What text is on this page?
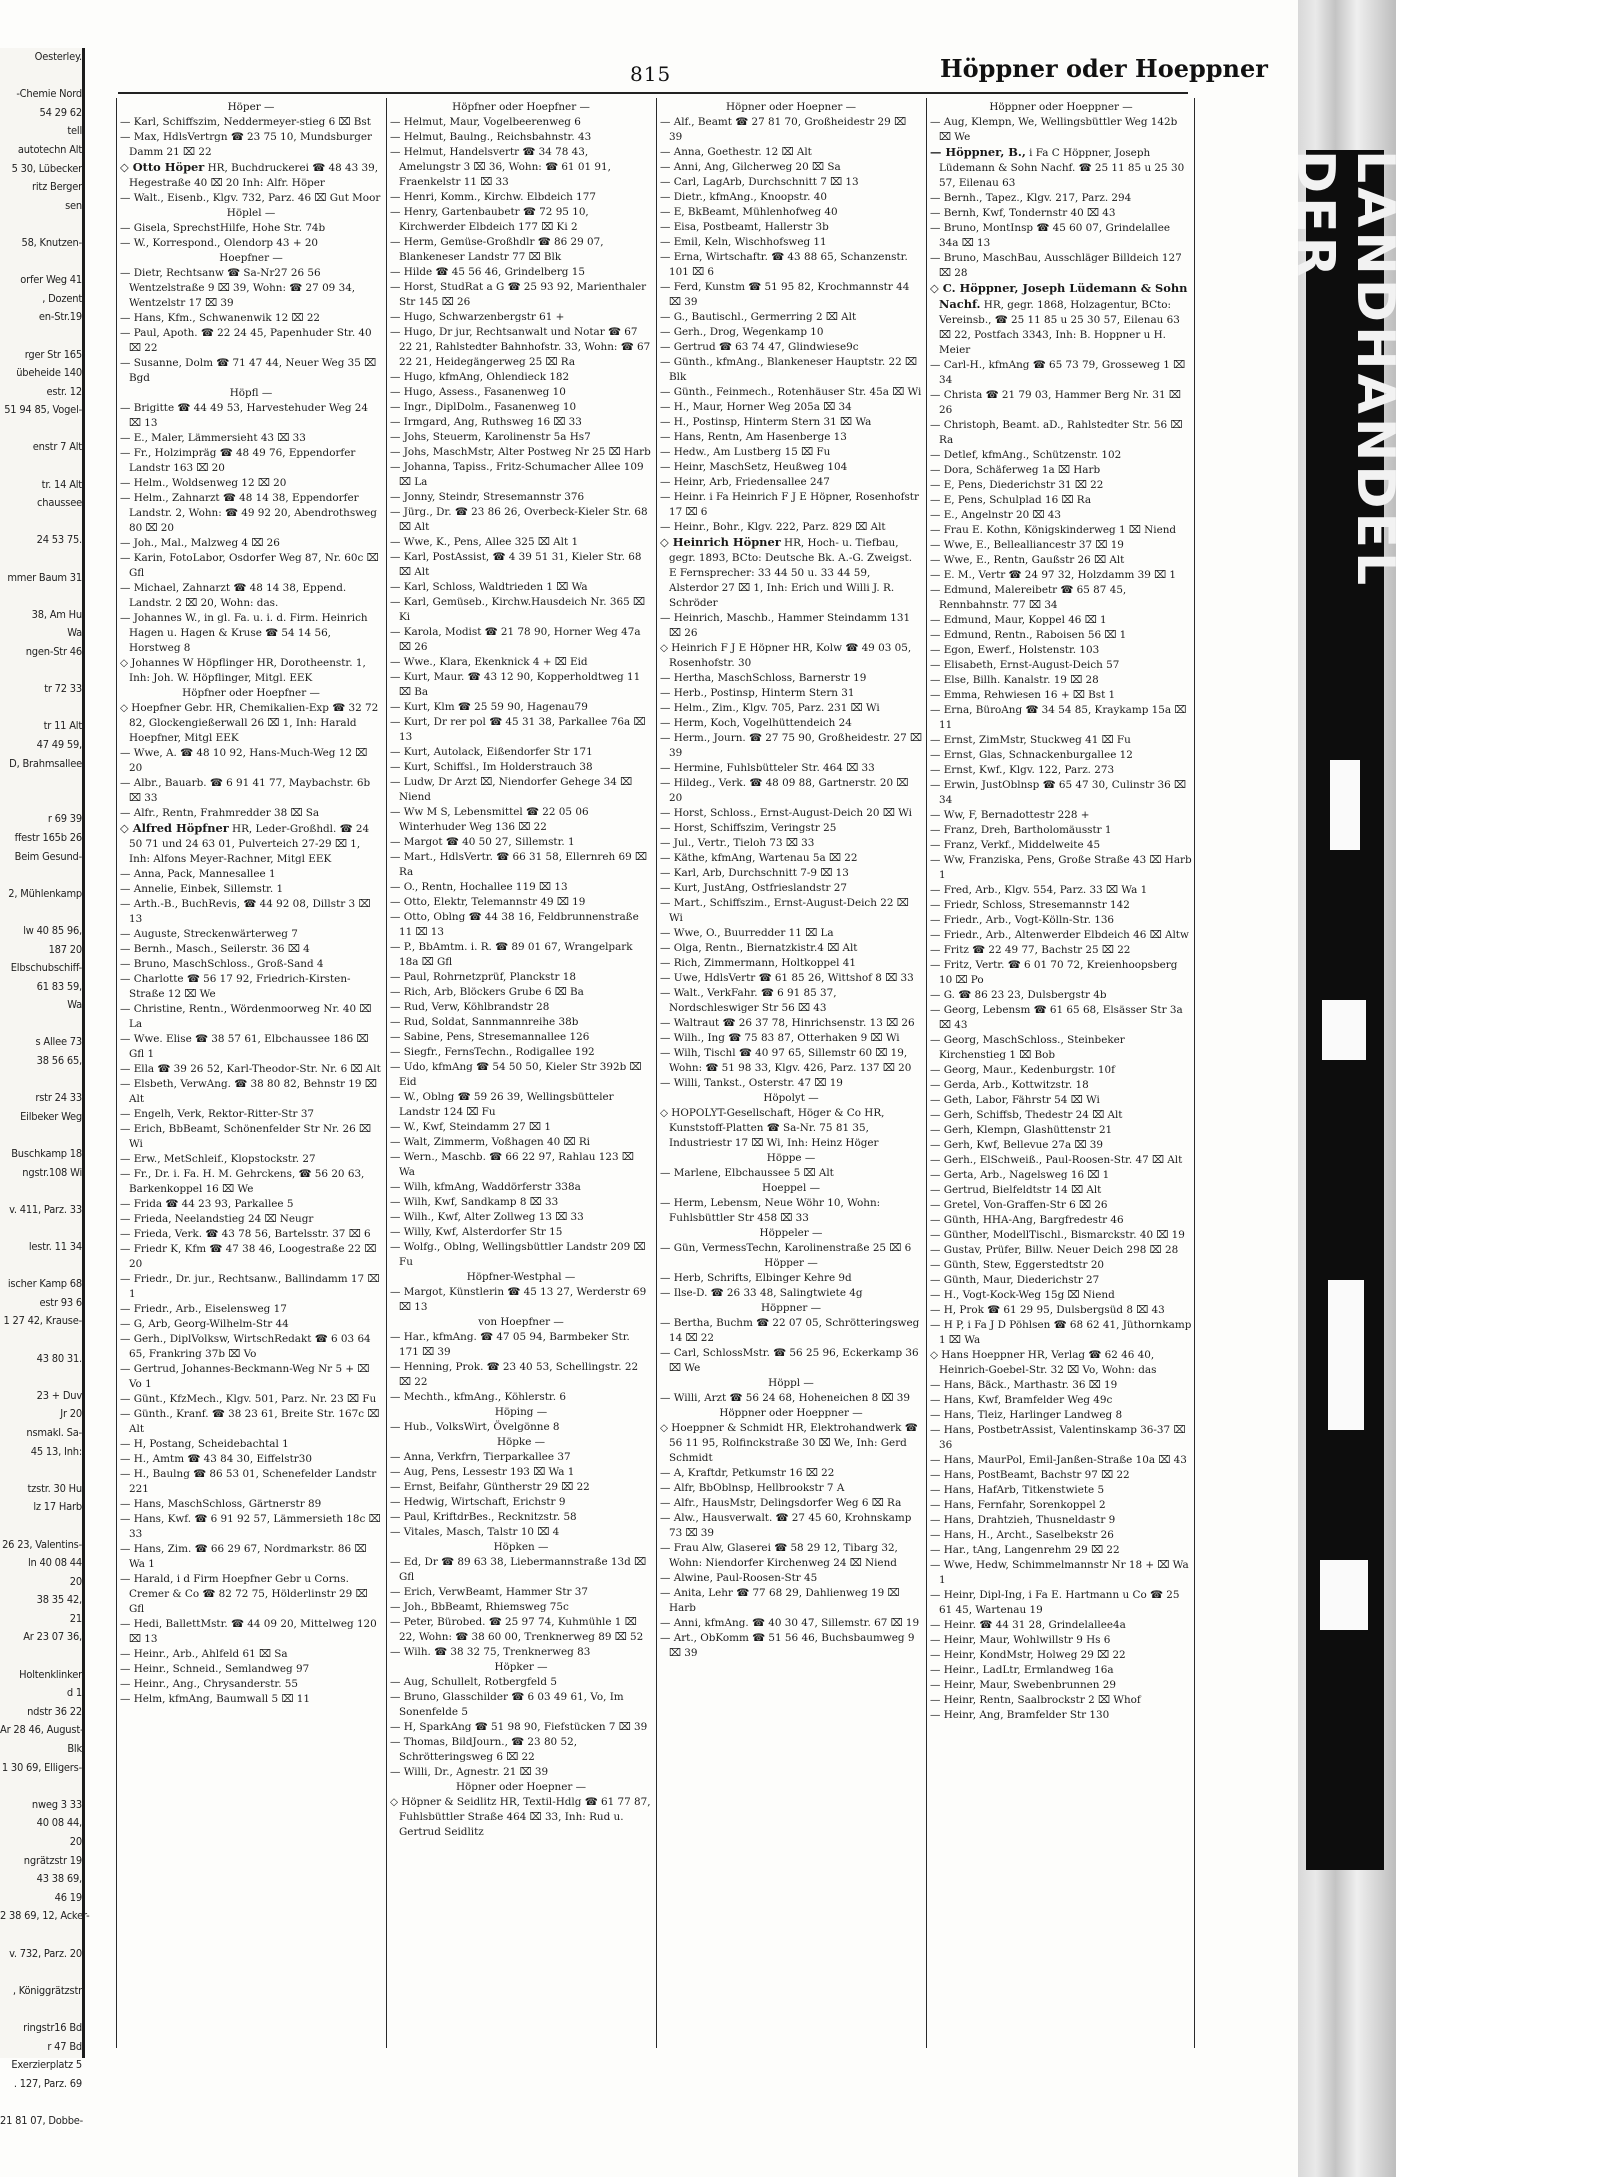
Oesterley.

-Chemie Nord
54 29 62
tell
autotechn Alt
5 30, Lübecker
ritz Berger
sen

58, Knutzen-

orfer Weg 41
, Dozent
en-Str.19

rger Str 165
übeheide 140
estr. 12
51 94 85, Vogel-

enstr 7 Alt

tr. 14 Alt
chaussee

24 53 75.

mmer Baum 31

38, Am Hu
Wa
ngen-Str 46

tr 72 33

tr 11 Alt
47 49 59,
D, Brahmsallee

r 69 39
ffestr 165b 26
Beim Gesund-

2, Mühlenkamp

lw 40 85 96,
187 20
Elbschubschiff-
61 83 59,
Wa

s Allee 73
38 56 65,

rstr 24 33
Eilbeker Weg

Buschkamp 18
ngstr.108 Wi

v. 411, Parz. 33

lestr. 11 34

ischer Kamp 68
estr 93 6
1 27 42, Krause-

43 80 31.

23 + Duv
Jr 20
nsmakl. Sa-
45 13, Inh:

tzstr. 30 Hu
lz 17 Harb

26 23, Valentins-
ln 40 08 44
20
38 35 42,
21
Ar 23 07 36,

Holtenklinker
d 1
ndstr 36 22
Ar 28 46, August-
Blk
1 30 69, Elligers-

nweg 3 33
40 08 44,
20
ngrätzstr 19
43 38 69,
46 19
2 38 69, 12, Acker-

v. 732, Parz. 20

, Königgrätzstr

ringstr16 Bd
r 47 Bd
Exerzierplatz 5
. 127, Parz. 69

21 81 07, Dobbe-
815	Höppner oder Hoeppner
Höper —
— Karl, Schiffszim, Neddermeyer-stieg 6 ⌧ Bst
— Max, HdlsVertrgn ☎ 23 75 10, Mundsburger Damm 21 ⌧ 22
◇ Otto Höper HR, Buchdruckerei ☎ 48 43 39, Hegestraße 40 ⌧ 20 Inh: Alfr. Höper
— Walt., Eisenb., Klgv. 732, Parz. 46 ⌧ Gut Moor
Höplel —
— Gisela, SprechstHilfe, Hohe Str. 74b
— W., Korrespond., Olendorp 43 + 20
Hoepfner —
— Dietr, Rechtsanw ☎ Sa-Nr27 26 56 Wentzelstraße 9 ⌧ 39, Wohn: ☎ 27 09 34, Wentzelstr 17 ⌧ 39
— Hans, Kfm., Schwanenwik 12 ⌧ 22
— Paul, Apoth. ☎ 22 24 45, Papenhuder Str. 40 ⌧ 22
— Susanne, Dolm ☎ 71 47 44, Neuer Weg 35 ⌧ Bgd
Höpfl —
— Brigitte ☎ 44 49 53, Harvestehuder Weg 24 ⌧ 13
— E., Maler, Lämmersieht 43 ⌧ 33
— Fr., Holzimpräg ☎ 48 49 76, Eppendorfer Landstr 163 ⌧ 20
— Helm., Woldsenweg 12 ⌧ 20
— Helm., Zahnarzt ☎ 48 14 38, Eppendorfer Landstr. 2, Wohn: ☎ 49 92 20, Abendrothsweg 80 ⌧ 20
— Joh., Mal., Malzweg 4 ⌧ 26
— Karin, FotoLabor, Osdorfer Weg 87, Nr. 60c ⌧ Gfl
— Michael, Zahnarzt ☎ 48 14 38, Eppend. Landstr. 2 ⌧ 20, Wohn: das.
— Johannes W., in gl. Fa. u. i. d. Firm. Heinrich Hagen u. Hagen & Kruse ☎ 54 14 56, Horstweg 8
◇ Johannes W Höpflinger HR, Dorotheenstr. 1, Inh: Joh. W. Höpflinger, Mitgl. EEK
Höpfner oder Hoepfner —
◇ Hoepfner Gebr. HR, Chemikalien-Exp ☎ 32 72 82, Glockengießerwall 26 ⌧ 1, Inh: Harald Hoepfner, Mitgl EEK
— Wwe, A. ☎ 48 10 92, Hans-Much-Weg 12 ⌧ 20
— Albr., Bauarb. ☎ 6 91 41 77, Maybachstr. 6b ⌧ 33
— Alfr., Rentn, Frahmredder 38 ⌧ Sa
◇ Alfred Höpfner HR, Leder-Großhdl. ☎ 24 50 71 und 24 63 01, Pulverteich 27-29 ⌧ 1, Inh: Alfons Meyer-Rachner, Mitgl EEK
— Anna, Pack, Mannesallee 1
— Annelie, Einbek, Sillemstr. 1
— Arth.-B., BuchRevis, ☎ 44 92 08, Dillstr 3 ⌧ 13
— Auguste, Streckenwärterweg 7
— Bernh., Masch., Seilerstr. 36 ⌧ 4
— Bruno, MaschSchloss., Groß-Sand 4
— Charlotte ☎ 56 17 92, Friedrich-Kirsten-Straße 12 ⌧ We
— Christine, Rentn., Wördenmoorweg Nr. 40 ⌧ La
— Wwe. Elise ☎ 38 57 61, Elbchaussee 186 ⌧ Gfl 1
— Ella ☎ 39 26 52, Karl-Theodor-Str. Nr. 6 ⌧ Alt
— Elsbeth, VerwAng. ☎ 38 80 82, Behnstr 19 ⌧ Alt
— Engelh, Verk, Rektor-Ritter-Str 37
— Erich, BbBeamt, Schönenfelder Str Nr. 26 ⌧ Wi
— Erw., MetSchleif., Klopstockstr. 27
— Fr., Dr. i. Fa. H. M. Gehrckens, ☎ 56 20 63, Barkenkoppel 16 ⌧ We
— Frida ☎ 44 23 93, Parkallee 5
— Frieda, Neelandstieg 24 ⌧ Neugr
— Frieda, Verk. ☎ 43 78 56, Bartelsstr. 37 ⌧ 6
— Friedr K, Kfm ☎ 47 38 46, Loogestraße 22 ⌧ 20
— Friedr., Dr. jur., Rechtsanw., Ballindamm 17 ⌧ 1
— Friedr., Arb., Eiselensweg 17
— G, Arb, Georg-Wilhelm-Str 44
— Gerh., DiplVolksw, WirtschRedakt ☎ 6 03 64 65, Frankring 37b ⌧ Vo
— Gertrud, Johannes-Beckmann-Weg Nr 5 + ⌧ Vo 1
— Günt., KfzMech., Klgv. 501, Parz. Nr. 23 ⌧ Fu
— Günth., Kranf. ☎ 38 23 61, Breite Str. 167c ⌧ Alt
— H, Postang, Scheidebachtal 1
— H., Amtm ☎ 43 84 30, Eiffelstr30
— H., Baulng ☎ 86 53 01, Schenefelder Landstr 221
— Hans, MaschSchloss, Gärtnerstr 89
— Hans, Kwf. ☎ 6 91 92 57, Lämmersieth 18c ⌧ 33
— Hans, Zim. ☎ 66 29 67, Nordmarkstr. 86 ⌧ Wa 1
— Harald, i d Firm Hoepfner Gebr u Corns. Cremer & Co ☎ 82 72 75, Hölderlinstr 29 ⌧ Gfl
— Hedi, BallettMstr. ☎ 44 09 20, Mittelweg 120 ⌧ 13
— Heinr., Arb., Ahlfeld 61 ⌧ Sa
— Heinr., Schneid., Semlandweg 97
— Heinr., Ang., Chrysanderstr. 55
— Helm, kfmAng, Baumwall 5 ⌧ 11
Höpfner oder Hoepfner —
— Helmut, Maur, Vogelbeerenweg 6
— Helmut, Baulng., Reichsbahnstr. 43
— Helmut, Handelsvertr ☎ 34 78 43, Amelungstr 3 ⌧ 36, Wohn: ☎ 61 01 91, Fraenkelstr 11 ⌧ 33
— Henri, Komm., Kirchw. Elbdeich 177
— Henry, Gartenbaubetr ☎ 72 95 10, Kirchwerder Elbdeich 177 ⌧ Ki 2
— Herm, Gemüse-Großhdlr ☎ 86 29 07, Blankeneser Landstr 77 ⌧ Blk
— Hilde ☎ 45 56 46, Grindelberg 15
— Horst, StudRat a G ☎ 25 93 92, Marienthaler Str 145 ⌧ 26
— Hugo, Schwarzenbergstr 61 +
— Hugo, Dr jur, Rechtsanwalt und Notar ☎ 67 22 21, Rahlstedter Bahnhofstr. 33, Wohn: ☎ 67 22 21, Heidegängerweg 25 ⌧ Ra
— Hugo, kfmAng, Ohlendieck 182
— Hugo, Assess., Fasanenweg 10
— Ingr., DiplDolm., Fasanenweg 10
— Irmgard, Ang, Ruthsweg 16 ⌧ 33
— Johs, Steuerm, Karolinenstr 5a Hs7
— Johs, MaschMstr, Alter Postweg Nr 25 ⌧ Harb
— Johanna, Tapiss., Fritz-Schumacher Allee 109 ⌧ La
— Jonny, Steindr, Stresemannstr 376
— Jürg., Dr. ☎ 23 86 26, Overbeck-Kieler Str. 68 ⌧ Alt
— Wwe, K., Pens, Allee 325 ⌧ Alt 1
— Karl, PostAssist, ☎ 4 39 51 31, Kieler Str. 68 ⌧ Alt
— Karl, Schloss, Waldtrieden 1 ⌧ Wa
— Karl, Gemüseb., Kirchw.Hausdeich Nr. 365 ⌧ Ki
— Karola, Modist ☎ 21 78 90, Horner Weg 47a ⌧ 26
— Wwe., Klara, Ekenknick 4 + ⌧ Eid
— Kurt, Maur. ☎ 43 12 90, Kopperholdtweg 11 ⌧ Ba
— Kurt, Klm ☎ 25 59 90, Hagenau79
— Kurt, Dr rer pol ☎ 45 31 38, Parkallee 76a ⌧ 13
— Kurt, Autolack, Eißendorfer Str 171
— Kurt, Schiffsl., Im Holderstrauch 38
— Ludw, Dr Arzt ⌧, Niendorfer Gehege 34 ⌧ Niend
— Ww M S, Lebensmittel ☎ 22 05 06 Winterhuder Weg 136 ⌧ 22
— Margot ☎ 40 50 27, Sillemstr. 1
— Mart., HdlsVertr. ☎ 66 31 58, Ellernreh 69 ⌧ Ra
— O., Rentn, Hochallee 119 ⌧ 13
— Otto, Elektr, Telemannstr 49 ⌧ 19
— Otto, Oblng ☎ 44 38 16, Feldbrunnenstraße 11 ⌧ 13
— P., BbAmtm. i. R. ☎ 89 01 67, Wrangelpark 18a ⌧ Gfl
— Paul, Rohrnetzprüf, Planckstr 18
— Rich, Arb, Blöckers Grube 6 ⌧ Ba
— Rud, Verw, Köhlbrandstr 28
— Rud, Soldat, Sannmannreihe 38b
— Sabine, Pens, Stresemannallee 126
— Siegfr., FernsTechn., Rodigallee 192
— Udo, kfmAng ☎ 54 50 50, Kieler Str 392b ⌧ Eid
— W., Oblng ☎ 59 26 39, Wellingsbütteler Landstr 124 ⌧ Fu
— W., Kwf, Steindamm 27 ⌧ 1
— Walt, Zimmerm, Voßhagen 40 ⌧ Ri
— Wern., Maschb. ☎ 66 22 97, Rahlau 123 ⌧ Wa
— Wilh, kfmAng, Waddörferstr 338a
— Wilh, Kwf, Sandkamp 8 ⌧ 33
— Wilh., Kwf, Alter Zollweg 13 ⌧ 33
— Willy, Kwf, Alsterdorfer Str 15
— Wolfg., Oblng, Wellingsbüttler Landstr 209 ⌧ Fu
Höpfner-Westphal —
— Margot, Künstlerin ☎ 45 13 27, Werderstr 69 ⌧ 13
von Hoepfner —
— Har., kfmAng. ☎ 47 05 94, Barmbeker Str. 171 ⌧ 39
— Henning, Prok. ☎ 23 40 53, Schellingstr. 22 ⌧ 22
— Mechth., kfmAng., Köhlerstr. 6
Höping —
— Hub., VolksWirt, Övelgönne 8
Höpke —
— Anna, Verkfrn, Tierparkallee 37
— Aug, Pens, Lessestr 193 ⌧ Wa 1
— Ernst, Beifahr, Güntherstr 29 ⌧ 22
— Hedwig, Wirtschaft, Erichstr 9
— Paul, KriftdrBes., Recknitzstr. 58
— Vitales, Masch, Talstr 10 ⌧ 4
Höpken —
— Ed, Dr ☎ 89 63 38, Liebermannstraße 13d ⌧ Gfl
— Erich, VerwBeamt, Hammer Str 37
— Joh., BbBeamt, Rhiemsweg 75c
— Peter, Bürobed. ☎ 25 97 74, Kuhmühle 1 ⌧ 22, Wohn: ☎ 38 60 00, Trenknerweg 89 ⌧ 52
— Wilh. ☎ 38 32 75, Trenknerweg 83
Höpker —
— Aug, Schullelt, Rotbergfeld 5
— Bruno, Glasschilder ☎ 6 03 49 61, Vo, Im Sonenfelde 5
— H, SparkAng ☎ 51 98 90, Fiefstücken 7 ⌧ 39
— Thomas, BildJourn., ☎ 23 80 52, Schrötteringsweg 6 ⌧ 22
— Willi, Dr., Agnestr. 21 ⌧ 39
Höpner oder Hoepner —
◇ Höpner & Seidlitz HR, Textil-Hdlg ☎ 61 77 87, Fuhlsbüttler Straße 464 ⌧ 33, Inh: Rud u. Gertrud Seidlitz
Höpner oder Hoepner —
— Alf., Beamt ☎ 27 81 70, Großheidestr 29 ⌧ 39
— Anna, Goethestr. 12 ⌧ Alt
— Anni, Ang, Gilcherweg 20 ⌧ Sa
— Carl, LagArb, Durchschnitt 7 ⌧ 13
— Dietr., kfmAng., Knoopstr. 40
— E, BkBeamt, Mühlenhofweg 40
— Eisa, Postbeamt, Hallerstr 3b
— Emil, Keln, Wischhofsweg 11
— Erna, Wirtschaftr. ☎ 43 88 65, Schanzenstr. 101 ⌧ 6
— Ferd, Kunstm ☎ 51 95 82, Krochmannstr 44 ⌧ 39
— G., Bautischl., Germerring 2 ⌧ Alt
— Gerh., Drog, Wegenkamp 10
— Gertrud ☎ 63 74 47, Glindwiese9c
— Günth., kfmAng., Blankeneser Hauptstr. 22 ⌧ Blk
— Günth., Feinmech., Rotenhäuser Str. 45a ⌧ Wi
— H., Maur, Horner Weg 205a ⌧ 34
— H., Postinsp, Hinterm Stern 31 ⌧ Wa
— Hans, Rentn, Am Hasenberge 13
— Hedw., Am Lustberg 15 ⌧ Fu
— Heinr, MaschSetz, Heußweg 104
— Heinr, Arb, Friedensallee 247
— Heinr. i Fa Heinrich F J E Höpner, Rosenhofstr 17 ⌧ 6
— Heinr., Bohr., Klgv. 222, Parz. 829 ⌧ Alt
◇ Heinrich Höpner HR, Hoch- u. Tiefbau, gegr. 1893, BCto: Deutsche Bk. A.-G. Zweigst. E Fernsprecher: 33 44 50 u. 33 44 59, Alsterdor 27 ⌧ 1, Inh: Erich und Willi J. R. Schröder
— Heinrich, Maschb., Hammer Steindamm 131 ⌧ 26
◇ Heinrich F J E Höpner HR, Kolw ☎ 49 03 05, Rosenhofstr. 30
— Hertha, MaschSchloss, Barnerstr 19
— Herb., Postinsp, Hinterm Stern 31
— Helm., Zim., Klgv. 705, Parz. 231 ⌧ Wi
— Herm, Koch, Vogelhüttendeich 24
— Herm., Journ. ☎ 27 75 90, Großheidestr. 27 ⌧ 39
— Hermine, Fuhlsbütteler Str. 464 ⌧ 33
— Hildeg., Verk. ☎ 48 09 88, Gartnerstr. 20 ⌧ 20
— Horst, Schloss., Ernst-August-Deich 20 ⌧ Wi
— Horst, Schiffszim, Veringstr 25
— Jul., Vertr., Tieloh 73 ⌧ 33
— Käthe, kfmAng, Wartenau 5a ⌧ 22
— Karl, Arb, Durchschnitt 7-9 ⌧ 13
— Kurt, JustAng, Ostfrieslandstr 27
— Mart., Schiffszim., Ernst-August-Deich 22 ⌧ Wi
— Wwe, O., Buurredder 11 ⌧ La
— Olga, Rentn., Biernatzkistr.4 ⌧ Alt
— Rich, Zimmermann, Holtkoppel 41
— Uwe, HdlsVertr ☎ 61 85 26, Wittshof 8 ⌧ 33
— Walt., VerkFahr. ☎ 6 91 85 37, Nordschleswiger Str 56 ⌧ 43
— Waltraut ☎ 26 37 78, Hinrichsenstr. 13 ⌧ 26
— Wilh., Ing ☎ 75 83 87, Otterhaken 9 ⌧ Wi
— Wilh, Tischl ☎ 40 97 65, Sillemstr 60 ⌧ 19, Wohn: ☎ 51 98 33, Klgv. 426, Parz. 137 ⌧ 20
— Willi, Tankst., Osterstr. 47 ⌧ 19
Höpolyt —
◇ HOPOLYT-Gesellschaft, Höger & Co HR, Kunststoff-Platten ☎ Sa-Nr. 75 81 35, Industriestr 17 ⌧ Wi, Inh: Heinz Höger
Höppe —
— Marlene, Elbchaussee 5 ⌧ Alt
Hoeppel —
— Herm, Lebensm, Neue Wöhr 10, Wohn: Fuhlsbüttler Str 458 ⌧ 33
Höppeler —
— Gün, VermessTechn, Karolinenstraße 25 ⌧ 6
Höpper —
— Herb, Schrifts, Elbinger Kehre 9d
— Ilse-D. ☎ 26 33 48, Salingtwiete 4g
Höppner —
— Bertha, Buchm ☎ 22 07 05, Schrötteringsweg 14 ⌧ 22
— Carl, SchlossMstr. ☎ 56 25 96, Eckerkamp 36 ⌧ We
Höppl —
— Willi, Arzt ☎ 56 24 68, Hoheneichen 8 ⌧ 39
Höppner oder Hoeppner —
◇ Hoeppner & Schmidt HR, Elektrohandwerk ☎ 56 11 95, Rolfinckstraße 30 ⌧ We, Inh: Gerd Schmidt
— A, Kraftdr, Petkumstr 16 ⌧ 22
— Alfr, BbOblnsp, Hellbrookstr 7 A
— Alfr., HausMstr, Delingsdorfer Weg 6 ⌧ Ra
— Alw., Hausverwalt. ☎ 27 45 60, Krohnskamp 73 ⌧ 39
— Frau Alw, Glaserei ☎ 58 29 12, Tibarg 32, Wohn: Niendorfer Kirchenweg 24 ⌧ Niend
— Alwine, Paul-Roosen-Str 45
— Anita, Lehr ☎ 77 68 29, Dahlienweg 19 ⌧ Harb
— Anni, kfmAng. ☎ 40 30 47, Sillemstr. 67 ⌧ 19
— Art., ObKomm ☎ 51 56 46, Buchsbaumweg 9 ⌧ 39
Höppner oder Hoeppner —
— Aug, Klempn, We, Wellingsbüttler Weg 142b ⌧ We
— Höppner, B., i Fa C Höppner, Joseph Lüdemann & Sohn Nachf. ☎ 25 11 85 u 25 30 57, Eilenau 63
— Bernh., Tapez., Klgv. 217, Parz. 294
— Bernh, Kwf, Tondernstr 40 ⌧ 43
— Bruno, MontInsp ☎ 45 60 07, Grindelallee 34a ⌧ 13
— Bruno, MaschBau, Ausschläger Billdeich 127 ⌧ 28
◇ C. Höppner, Joseph Lüdemann & Sohn Nachf. HR, gegr. 1868, Holzagentur, BCto: Vereinsb., ☎ 25 11 85 u 25 30 57, Eilenau 63 ⌧ 22, Postfach 3343, Inh: B. Hoppner u H. Meier
— Carl-H., kfmAng ☎ 65 73 79, Grosseweg 1 ⌧ 34
— Christa ☎ 21 79 03, Hammer Berg Nr. 31 ⌧ 26
— Christoph, Beamt. aD., Rahlstedter Str. 56 ⌧ Ra
— Detlef, kfmAng., Schützenstr. 102
— Dora, Schäferweg 1a ⌧ Harb
— E, Pens, Diederichstr 31 ⌧ 22
— E, Pens, Schulplad 16 ⌧ Ra
— E., Angelnstr 20 ⌧ 43
— Frau E. Kothn, Königskinderweg 1 ⌧ Niend
— Wwe, E., Bellealliancestr 37 ⌧ 19
— Wwe, E., Rentn, Gaußstr 26 ⌧ Alt
— E. M., Vertr ☎ 24 97 32, Holzdamm 39 ⌧ 1
— Edmund, Malereibetr ☎ 65 87 45, Rennbahnstr. 77 ⌧ 34
— Edmund, Maur, Koppel 46 ⌧ 1
— Edmund, Rentn., Raboisen 56 ⌧ 1
— Egon, Ewerf., Holstenstr. 103
— Elisabeth, Ernst-August-Deich 57
— Else, Billh. Kanalstr. 19 ⌧ 28
— Emma, Rehwiesen 16 + ⌧ Bst 1
— Erna, BüroAng ☎ 34 54 85, Kraykamp 15a ⌧ 11
— Ernst, ZimMstr, Stuckweg 41 ⌧ Fu
— Ernst, Glas, Schnackenburgallee 12
— Ernst, Kwf., Klgv. 122, Parz. 273
— Erwin, JustOblnsp ☎ 65 47 30, Culinstr 36 ⌧ 34
— Ww, F, Bernadottestr 228 +
— Franz, Dreh, Bartholomäusstr 1
— Franz, Verkf., Middelweite 45
— Ww, Franziska, Pens, Große Straße 43 ⌧ Harb 1
— Fred, Arb., Klgv. 554, Parz. 33 ⌧ Wa 1
— Friedr, Schloss, Stresemannstr 142
— Friedr., Arb., Vogt-Kölln-Str. 136
— Friedr., Arb., Altenwerder Elbdeich 46 ⌧ Altw
— Fritz ☎ 22 49 77, Bachstr 25 ⌧ 22
— Fritz, Vertr. ☎ 6 01 70 72, Kreienhoopsberg 10 ⌧ Po
— G. ☎ 86 23 23, Dulsbergstr 4b
— Georg, Lebensm ☎ 61 65 68, Elsässer Str 3a ⌧ 43
— Georg, MaschSchloss., Steinbeker Kirchenstieg 1 ⌧ Bob
— Georg, Maur., Kedenburgstr. 10f
— Gerda, Arb., Kottwitzstr. 18
— Geth, Labor, Fährstr 54 ⌧ Wi
— Gerh, Schiffsb, Thedestr 24 ⌧ Alt
— Gerh, Klempn, Glashüttenstr 21
— Gerh, Kwf, Bellevue 27a ⌧ 39
— Gerh., ElSchweiß., Paul-Roosen-Str. 47 ⌧ Alt
— Gerta, Arb., Nagelsweg 16 ⌧ 1
— Gertrud, Bielfeldtstr 14 ⌧ Alt
— Gretel, Von-Graffen-Str 6 ⌧ 26
— Günth, HHA-Ang, Bargfredestr 46
— Günther, ModellTischl., Bismarckstr. 40 ⌧ 19
— Gustav, Prüfer, Billw. Neuer Deich 298 ⌧ 28
— Günth, Stew, Eggerstedtstr 20
— Günth, Maur, Diederichstr 27
— H., Vogt-Kock-Weg 15g ⌧ Niend
— H, Prok ☎ 61 29 95, Dulsbergsüd 8 ⌧ 43
— H P, i Fa J D Pöhlsen ☎ 68 62 41, Jüthornkamp 1 ⌧ Wa
◇ Hans Hoeppner HR, Verlag ☎ 62 46 40, Heinrich-Goebel-Str. 32 ⌧ Vo, Wohn: das
— Hans, Bäck., Marthastr. 36 ⌧ 19
— Hans, Kwf, Bramfelder Weg 49c
— Hans, Tleiz, Harlinger Landweg 8
— Hans, PostbetrAssist, Valentinskamp 36-37 ⌧ 36
— Hans, MaurPol, Emil-Janßen-Straße 10a ⌧ 43
— Hans, PostBeamt, Bachstr 97 ⌧ 22
— Hans, HafArb, Titkenstwiete 5
— Hans, Fernfahr, Sorenkoppel 2
— Hans, Drahtzieh, Thusneldastr 9
— Hans, H., Archt., Saselbekstr 26
— Har., tAng, Langenrehm 29 ⌧ 22
— Wwe, Hedw, Schimmelmannstr Nr 18 + ⌧ Wa 1
— Heinr, Dipl-Ing, i Fa E. Hartmann u Co ☎ 25 61 45, Wartenau 19
— Heinr. ☎ 44 31 28, Grindelallee4a
— Heinr, Maur, Wohlwillstr 9 Hs 6
— Heinr, KondMstr, Holweg 29 ⌧ 22
— Heinr., LadLtr, Ermlandweg 16a
— Heinr, Maur, Swebenbrunnen 29
— Heinr, Rentn, Saalbrockstr 2 ⌧ Whof
— Heinr, Ang, Bramfelder Str 130
LANDHANDEL DER
